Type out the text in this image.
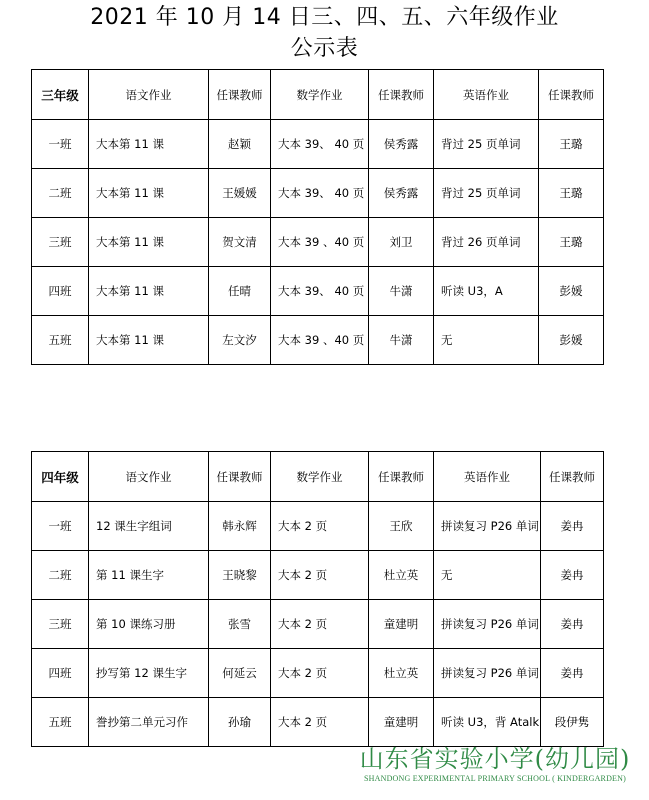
2021 年 10 月 14 日三、四、五、六年级作业
公示表
三年级	语文作业	任课教师	数学作业	任课教师	英语作业	任课教师
一班	大本第 11 课	赵颖	大本 39、 40 页	侯秀露	背过 25 页单词	王璐
二班	大本第 11 课	王媛媛	大本 39、 40 页	侯秀露	背过 25 页单词	王璐
三班	大本第 11 课	贺文清	大本 39 、40 页	刘卫	背过 26 页单词	王璐
四班	大本第 11 课	任晴	大本 39、 40 页	牛潇	听读 U3，A	彭媛
五班	大本第 11 课	左文汐	大本 39 、40 页	牛潇	无	彭媛
四年级	语文作业	任课教师	数学作业	任课教师	英语作业	任课教师
一班	12 课生字组词	韩永辉	大本 2 页	王欣	拼读复习 P26 单词	姜冉
二班	第 11 课生字	王晓黎	大本 2 页	杜立英	无	姜冉
三班	第 10 课练习册	张雪	大本 2 页	童建明	拼读复习 P26 单词	姜冉
四班	抄写第 12 课生字	何延云	大本 2 页	杜立英	拼读复习 P26 单词	姜冉
五班	誊抄第二单元习作	孙瑜	大本 2 页	童建明	听读 U3，背 Atalk	段伊隽
山东省实验小学(幼儿园)
SHANDONG EXPERIMENTAL PRIMARY SCHOOL ( KINDERGARDEN)
